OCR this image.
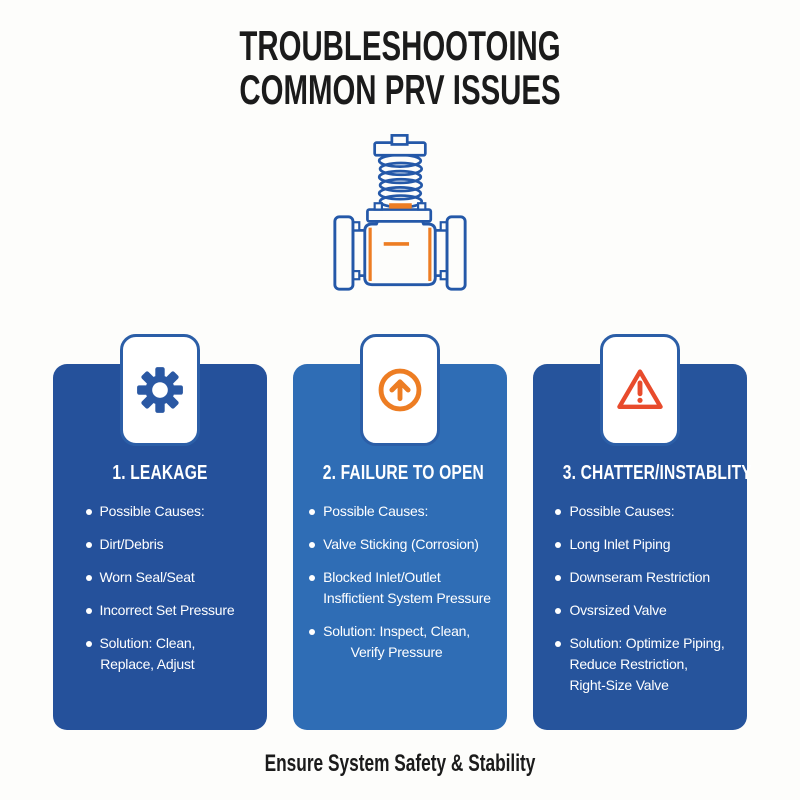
TROUBLESHOOTOING
COMMON PRV ISSUES
1. LEAKAGE
Possible Causes:
Dirt/Debris
Worn Seal/Seat
Incorrect Set Pressure
Solution: Clean,
Replace, Adjust
2. FAILURE TO OPEN
Possible Causes:
Valve Sticking (Corrosion)
Blocked Inlet/Outlet
Insffictient System Pressure
Solution: Inspect, Clean,
Verify Pressure
3. CHATTER/INSTABLITY
Possible Causes:
Long Inlet Piping
Downseram Restriction
Ovsrsized Valve
Solution: Optimize Piping,
Reduce Restriction,
Right-Size Valve

Ensure System Safety & Stability
